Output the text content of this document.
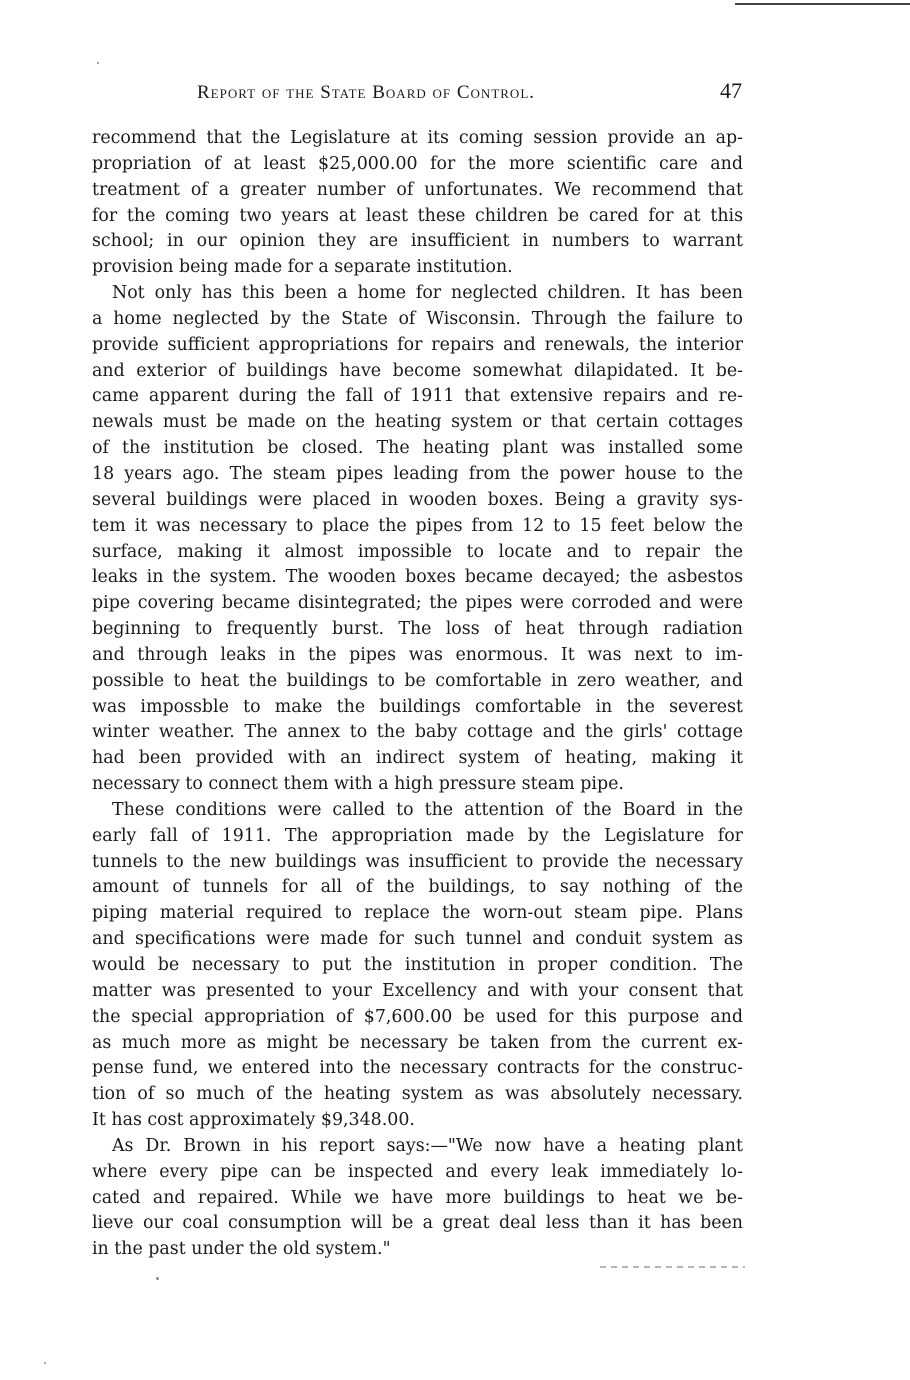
Report of the State Board of Control.	47
recommend that the Legislature at its coming session provide an ap-
propriation of at least $25,000.00 for the more scientific care and
treatment of a greater number of unfortunates. We recommend that
for the coming two years at least these children be cared for at this
school; in our opinion they are insufficient in numbers to warrant
provision being made for a separate institution.
Not only has this been a home for neglected children. It has been
a home neglected by the State of Wisconsin. Through the failure to
provide sufficient appropriations for repairs and renewals, the interior
and exterior of buildings have become somewhat dilapidated. It be-
came apparent during the fall of 1911 that extensive repairs and re-
newals must be made on the heating system or that certain cottages
of the institution be closed. The heating plant was installed some
18 years ago. The steam pipes leading from the power house to the
several buildings were placed in wooden boxes. Being a gravity sys-
tem it was necessary to place the pipes from 12 to 15 feet below the
surface, making it almost impossible to locate and to repair the
leaks in the system. The wooden boxes became decayed; the asbestos
pipe covering became disintegrated; the pipes were corroded and were
beginning to frequently burst. The loss of heat through radiation
and through leaks in the pipes was enormous. It was next to im-
possible to heat the buildings to be comfortable in zero weather, and
was impossble to make the buildings comfortable in the severest
winter weather. The annex to the baby cottage and the girls' cottage
had been provided with an indirect system of heating, making it
necessary to connect them with a high pressure steam pipe.
These conditions were called to the attention of the Board in the
early fall of 1911. The appropriation made by the Legislature for
tunnels to the new buildings was insufficient to provide the necessary
amount of tunnels for all of the buildings, to say nothing of the
piping material required to replace the worn-out steam pipe. Plans
and specifications were made for such tunnel and conduit system as
would be necessary to put the institution in proper condition. The
matter was presented to your Excellency and with your consent that
the special appropriation of $7,600.00 be used for this purpose and
as much more as might be necessary be taken from the current ex-
pense fund, we entered into the necessary contracts for the construc-
tion of so much of the heating system as was absolutely necessary.
It has cost approximately $9,348.00.
As Dr. Brown in his report says:—"We now have a heating plant
where every pipe can be inspected and every leak immediately lo-
cated and repaired. While we have more buildings to heat we be-
lieve our coal consumption will be a great deal less than it has been
in the past under the old system."
